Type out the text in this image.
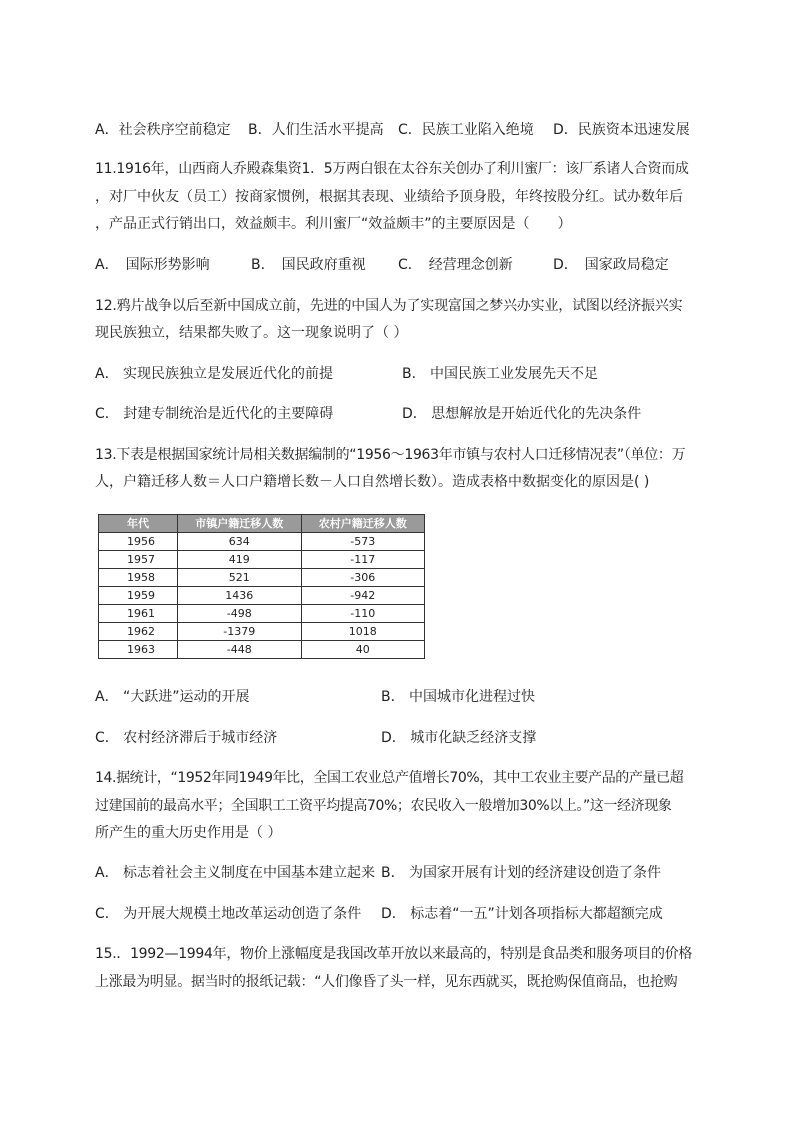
A．社会秩序空前稳定 B．人们生活水平提高 C．民族工业陷入绝境 D．民族资本迅速发展
11.1916年，山西商人乔殿森集资1．5万两白银在太谷东关创办了利川蜜厂：该厂系诸人合资而成
，对厂中伙友（员工）按商家惯例，根据其表现、业绩给予顶身股，年终按股分红。试办数年后
，产品正式行销出口，效益颇丰。利川蜜厂“效益颇丰”的主要原因是（　　）
A．　国际形势影响	B．　国民政府重视 C．　经营理念创新	D．　国家政局稳定
12.鸦片战争以后至新中国成立前，先进的中国人为了实现富国之梦兴办实业，试图以经济振兴实
现民族独立，结果都失败了。这一现象说明了（ ）
A． 实现民族独立是发展近代化的前提	B． 中国民族工业发展先天不足
C． 封建专制统治是近代化的主要障碍	D． 思想解放是开始近代化的先决条件
13.下表是根据国家统计局相关数据编制的“1956～1963年市镇与农村人口迁移情况表”（单位：万
人，户籍迁移人数＝人口户籍增长数－人口自然增长数）。造成表格中数据变化的原因是( )
年代	市镇户籍迁移人数	农村户籍迁移人数
1956	634	-573
1957	419	-117
1958	521	-306
1959	1436	-942
1961	-498	-110
1962	-1379	1018
1963	-448	40
A． “大跃进”运动的开展	B． 中国城市化进程过快
C． 农村经济滞后于城市经济	D． 城市化缺乏经济支撑
14.据统计，“1952年同1949年比，全国工农业总产值增长70%，其中工农业主要产品的产量已超
过建国前的最高水平；全国职工工资平均提高70%；农民收入一般增加30%以上。”这一经济现象
所产生的重大历史作用是（ ）
A． 标志着社会主义制度在中国基本建立起来 B． 为国家开展有计划的经济建设创造了条件
C． 为开展大规模土地改革运动创造了条件 D． 标志着“一五”计划各项指标大都超额完成
15.．1992—1994年，物价上涨幅度是我国改革开放以来最高的，特别是食品类和服务项目的价格
上涨最为明显。据当时的报纸记载：“人们像昏了头一样，见东西就买，既抢购保值商品，也抢购
